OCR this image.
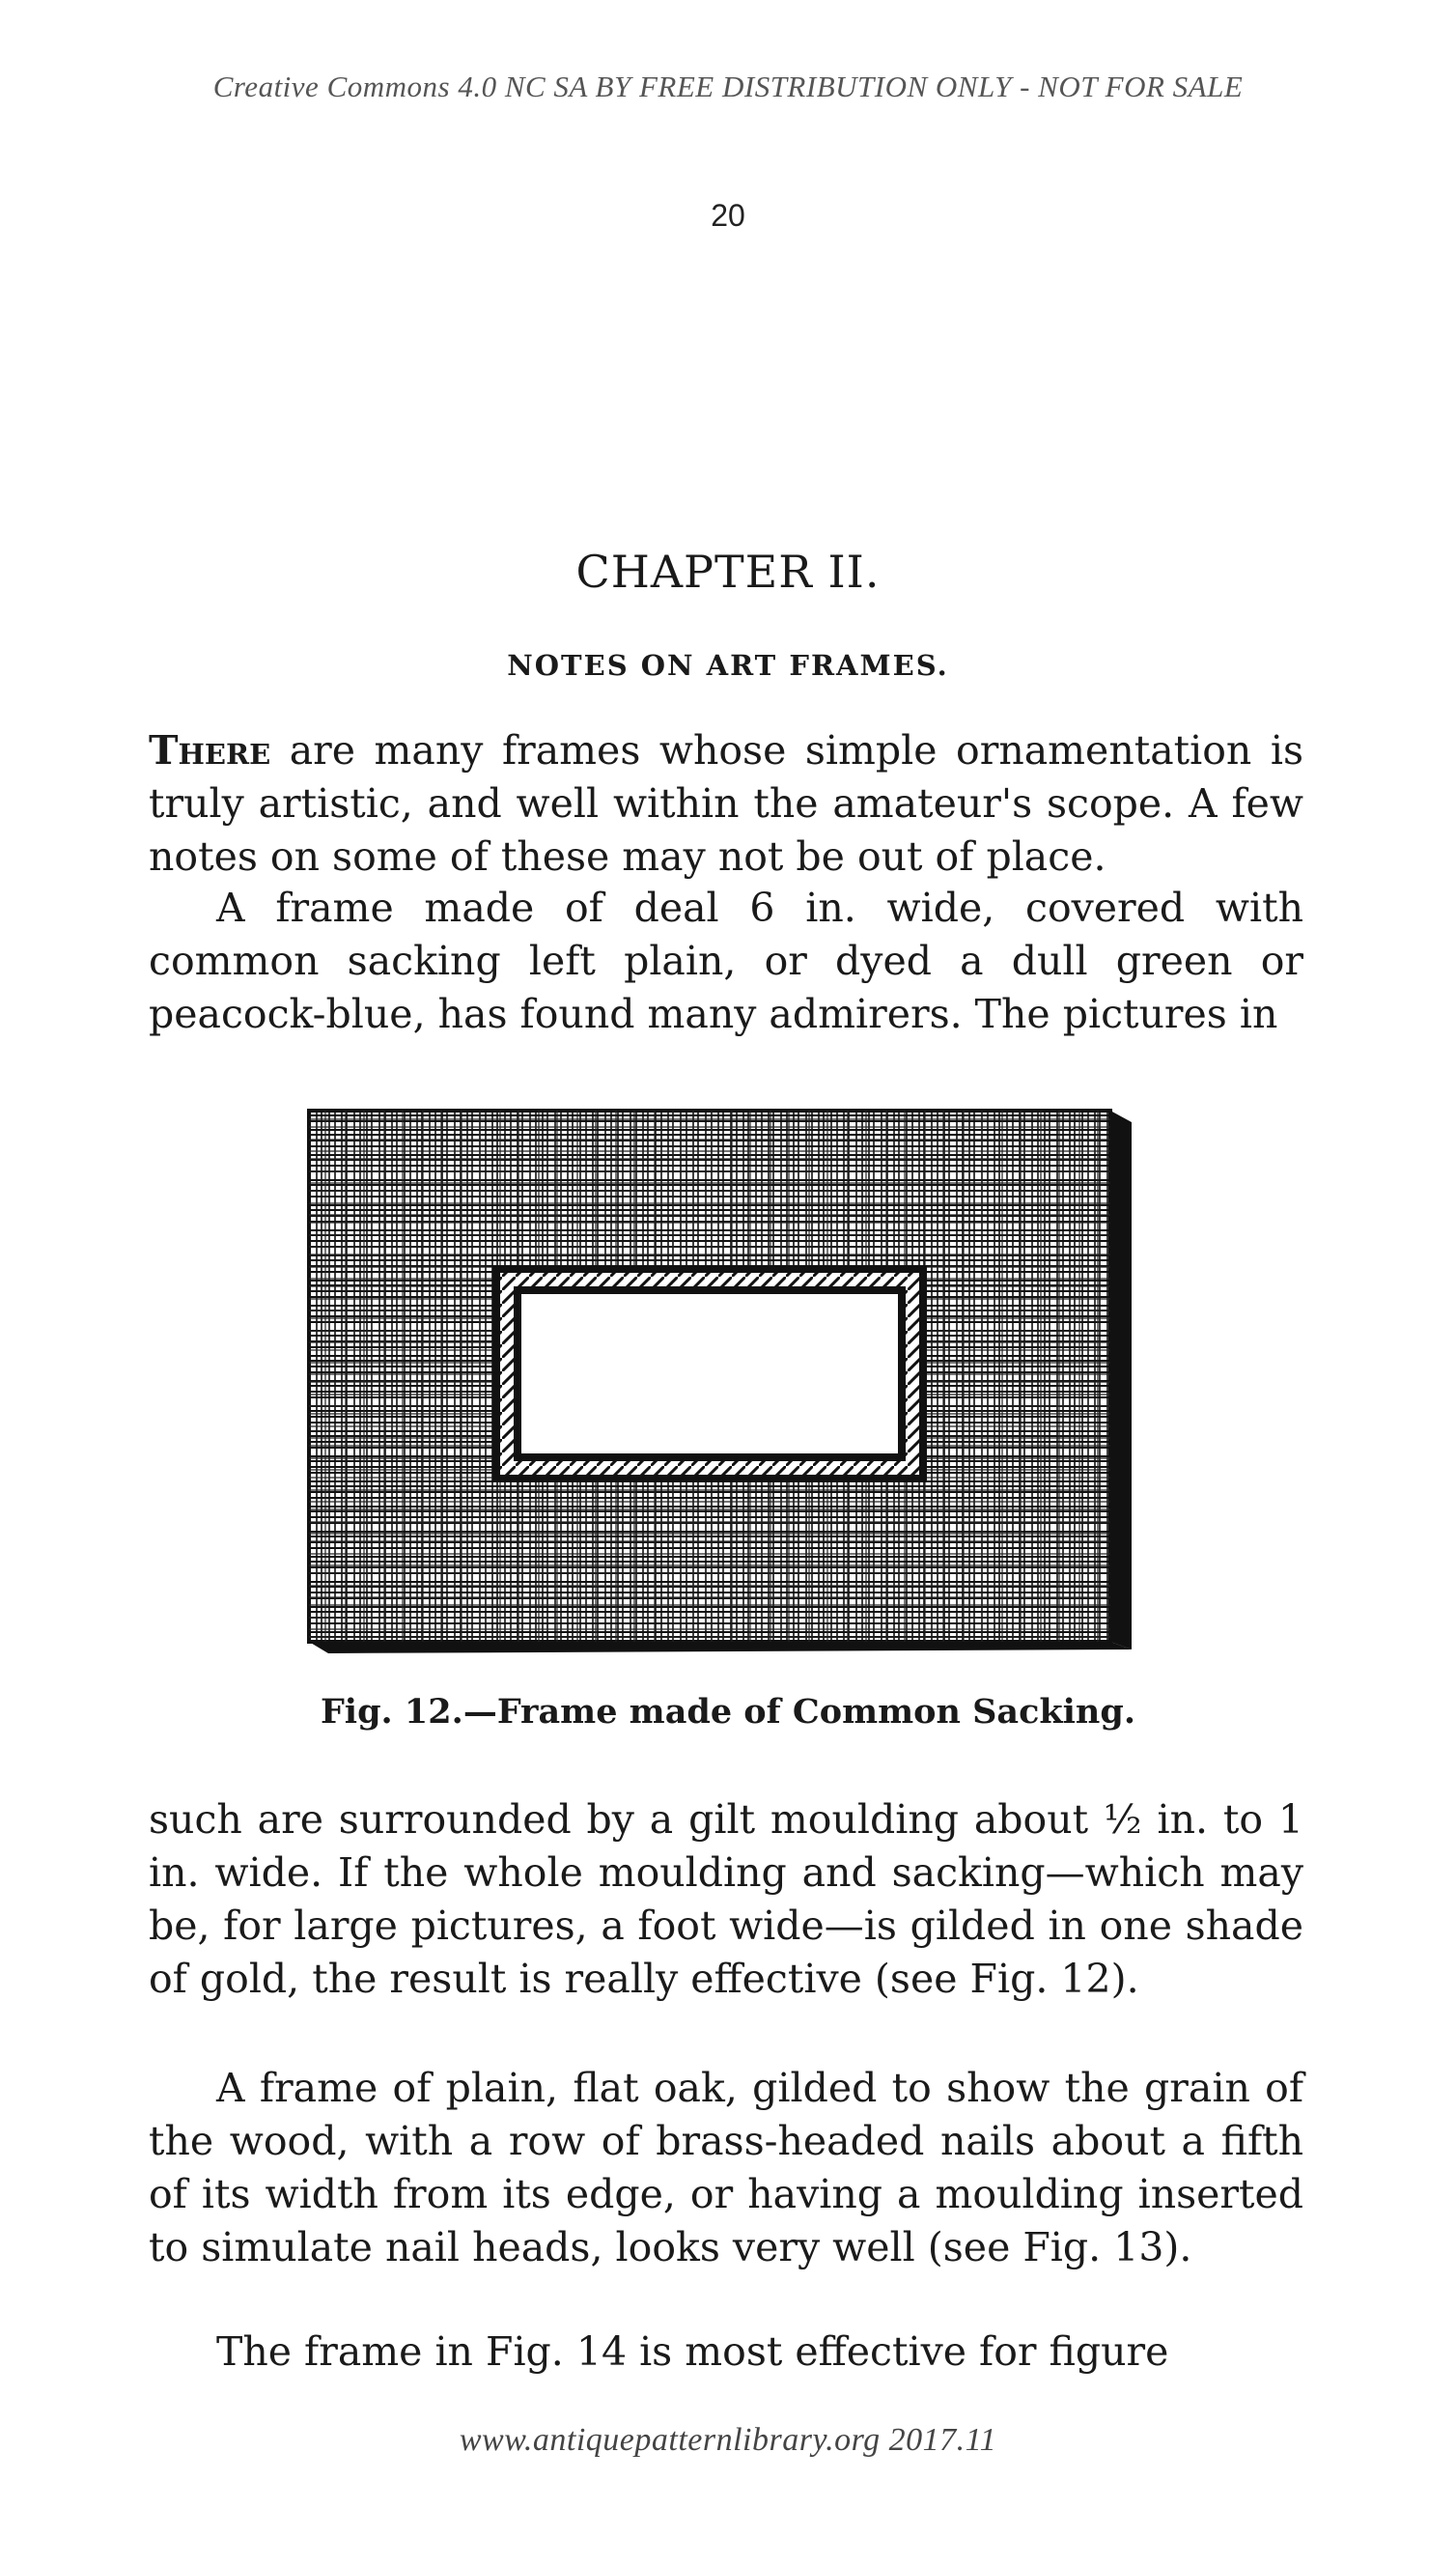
Creative Commons 4.0 NC SA BY FREE DISTRIBUTION ONLY - NOT FOR SALE
20
CHAPTER II.
NOTES ON ART FRAMES.

There are many frames whose simple ornamentation is truly artistic, and well within the amateur's scope. A few notes on some of these may not be out of place.

A frame made of deal 6 in. wide, covered with common sacking left plain, or dyed a dull green or peacock-blue, has found many admirers. The pictures in

Fig. 12.—Frame made of Common Sacking.

such are surrounded by a gilt moulding about ½ in. to 1 in. wide. If the whole moulding and sacking—which may be, for large pictures, a foot wide—is gilded in one shade of gold, the result is really effective (see Fig. 12).

A frame of plain, flat oak, gilded to show the grain of the wood, with a row of brass-headed nails about a fifth of its width from its edge, or having a moulding inserted to simulate nail heads, looks very well (see Fig. 13).

The frame in Fig. 14 is most effective for figure

www.antiquepatternlibrary.org 2017.11
